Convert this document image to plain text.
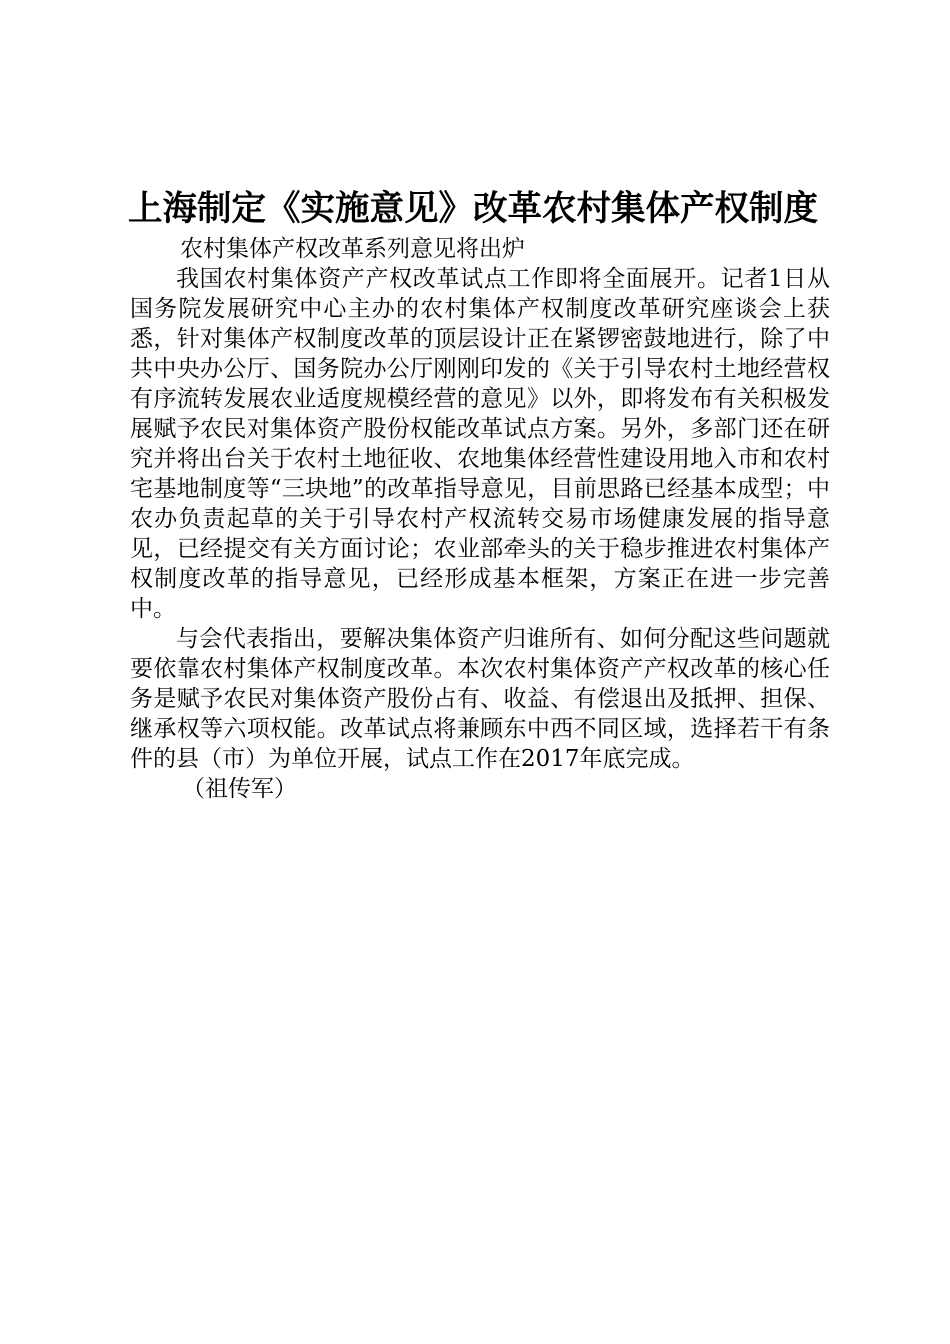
上海制定《实施意见》改革农村集体产权制度

农村集体产权改革系列意见将出炉

我国农村集体资产产权改革试点工作即将全面展开。记者1日从国务院发展研究中心主办的农村集体产权制度改革研究座谈会上获悉，针对集体产权制度改革的顶层设计正在紧锣密鼓地进行，除了中共中央办公厅、国务院办公厅刚刚印发的《关于引导农村土地经营权有序流转发展农业适度规模经营的意见》以外，即将发布有关积极发展赋予农民对集体资产股份权能改革试点方案。另外，多部门还在研究并将出台关于农村土地征收、农地集体经营性建设用地入市和农村宅基地制度等“三块地”的改革指导意见，目前思路已经基本成型；中农办负责起草的关于引导农村产权流转交易市场健康发展的指导意见，已经提交有关方面讨论；农业部牵头的关于稳步推进农村集体产权制度改革的指导意见，已经形成基本框架，方案正在进一步完善中。

与会代表指出，要解决集体资产归谁所有、如何分配这些问题就要依靠农村集体产权制度改革。本次农村集体资产产权改革的核心任务是赋予农民对集体资产股份占有、收益、有偿退出及抵押、担保、继承权等六项权能。改革试点将兼顾东中西不同区域，选择若干有条件的县（市）为单位开展，试点工作在2017年底完成。

（祖传军）
